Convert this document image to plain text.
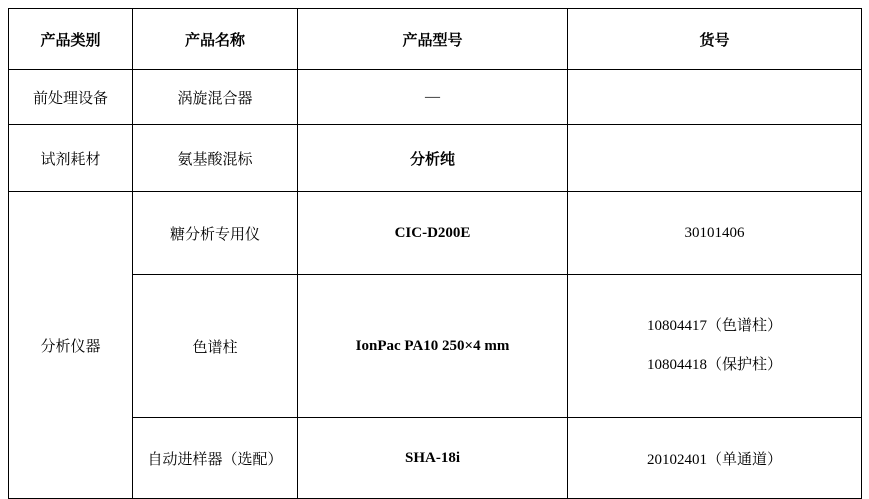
产品类别	产品名称	产品型号	货号
前处理设备	涡旋混合器	—	
试剂耗材	氨基酸混标	分析纯	
分析仪器	糖分析专用仪	CIC-D200E	30101406
	色谱柱	IonPac PA10 250×4 mm	10804417（色谱柱）
10804418（保护柱）

	自动进样器（选配）	SHA-18i	20102401（单通道）
